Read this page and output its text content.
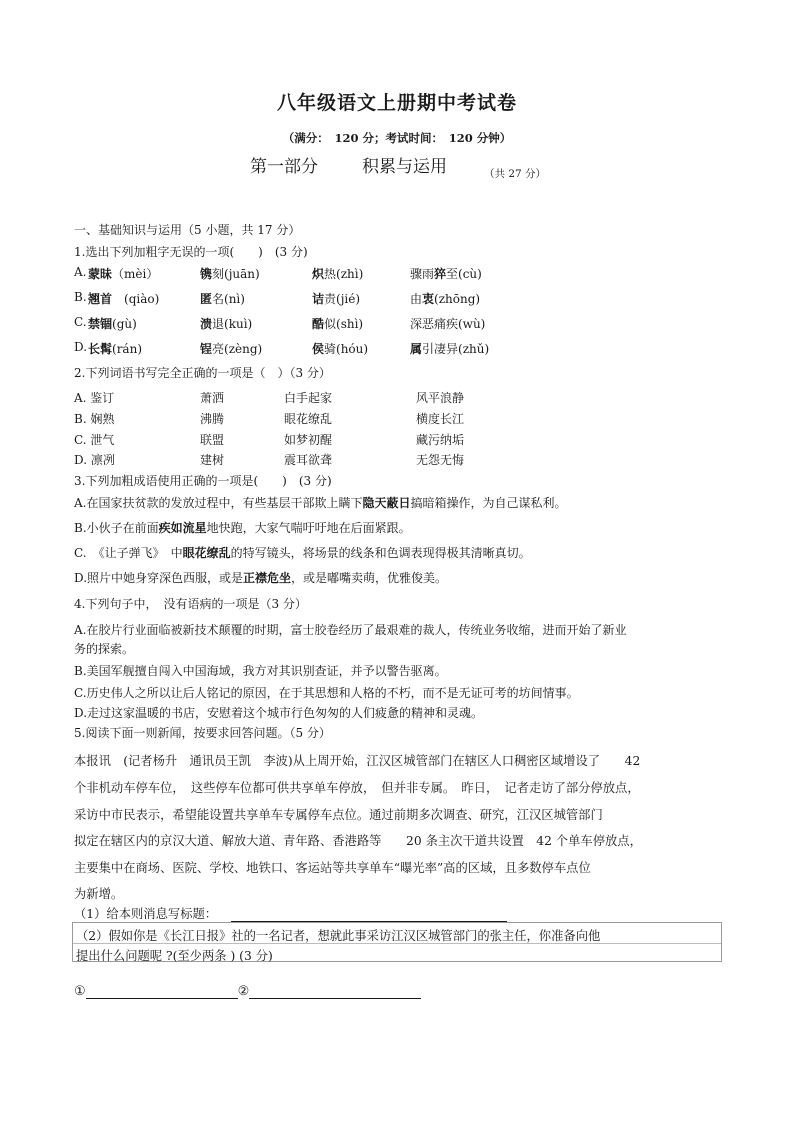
八年级语文上册期中考试卷
（满分：　120 分；考试时间：　120 分钟）
第一部分	积累与运用	（共 27 分）
一、基础知识与运用（5 小题，共 17 分）
1.选出下列加粗字无误的一项(　　)　(3 分)
A. 蒙昧（mèi）	镌刻(juān)	炽热(zhì)	骤雨猝至(cù)
B. 翘首　(qiào)	匿名(nì)	诘责(jié)	由衷(zhōng)
C. 禁锢(gù)	溃退(kuì)	酷似(shì)	深恶痛疾(wù)
D. 长髯(rán)	锃亮(zèng)	侯骑(hóu)	属引凄异(zhǔ)
2.下列词语书写完全正确的一项是（　）（3 分）
A. 鉴订	萧洒	白手起家	风平浪静
B. 娴熟	沸腾	眼花缭乱	横度长江
C. 泄气	联盟	如梦初醒	藏污纳垢
D. 凛冽	建树	震耳欲聋	无怨无悔
3.下列加粗成语使用正确的一项是(　　)　(3 分)
A.在国家扶贫款的发放过程中，有些基层干部欺上瞒下隐天蔽日搞暗箱操作，为自己谋私利。
B.小伙子在前面疾如流星地快跑，大家气喘吁吁地在后面紧跟。
C.　《让子弹飞》　中眼花缭乱的特写镜头，将场景的线条和色调表现得极其清晰真切。
D.照片中她身穿深色西服，或是正襟危坐，或是嘟嘴卖萌，优雅俊美。
4.下列句子中，　没有语病的一项是（3 分）
A.在胶片行业面临被新技术颠覆的时期，富士胶卷经历了最艰难的裁人，传统业务收缩，进而开始了新业
务的探索。
B.美国军舰擅自闯入中国海域，我方对其识别查证，并予以警告驱离。
C.历史伟人之所以让后人铭记的原因，在于其思想和人格的不朽，而不是无证可考的坊间情事。
D.走过这家温暖的书店，安慰着这个城市行色匆匆的人们疲惫的精神和灵魂。
5.阅读下面一则新闻，按要求回答问题。（5 分）
本报讯　(记者杨升　通讯员王凯　李波)从上周开始，江汉区城管部门在辖区人口稠密区域增设了　　42
个非机动车停车位，　这些停车位都可供共享单车停放，　但并非专属。　昨日，　记者走访了部分停放点，
采访中市民表示，希望能设置共享单车专属停车点位。通过前期多次调查、研究，江汉区城管部门
拟定在辖区内的京汉大道、解放大道、青年路、香港路等　　20 条主次干道共设置　42 个单车停放点，
主要集中在商场、医院、学校、地铁口、客运站等共享单车“曝光率”高的区域，且多数停车点位
为新增。
（1）给本则消息写标题：
（2）假如你是《长江日报》社的一名记者，想就此事采访江汉区城管部门的张主任，你准备向他
提出什么问题呢 ?(至少两条 ) (3 分)
①	②
